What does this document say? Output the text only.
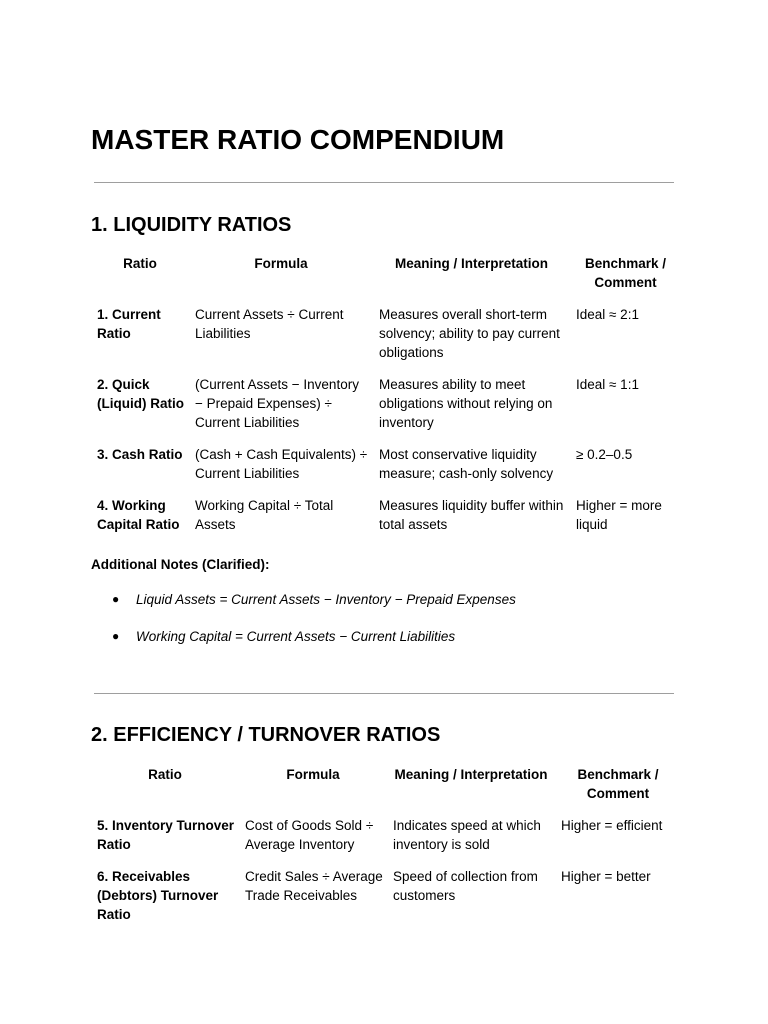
MASTER RATIO COMPENDIUM
1. LIQUIDITY RATIOS
Ratio	Formula	Meaning / Interpretation	Benchmark / Comment
1. Current Ratio	Current Assets ÷ Current Liabilities	Measures overall short-term solvency; ability to pay current obligations	Ideal ≈ 2:1
2. Quick (Liquid) Ratio	(Current Assets − Inventory − Prepaid Expenses) ÷ Current Liabilities	Measures ability to meet obligations without relying on inventory	Ideal ≈ 1:1
3. Cash Ratio	(Cash + Cash Equivalents) ÷ Current Liabilities	Most conservative liquidity measure; cash-only solvency	≥ 0.2–0.5
4. Working Capital Ratio	Working Capital ÷ Total Assets	Measures liquidity buffer within total assets	Higher = more liquid

Additional Notes (Clarified):

● Liquid Assets = Current Assets − Inventory − Prepaid Expenses
● Working Capital = Current Assets − Current Liabilities
2. EFFICIENCY / TURNOVER RATIOS
Ratio	Formula	Meaning / Interpretation	Benchmark / Comment
5. Inventory Turnover Ratio	Cost of Goods Sold ÷ Average Inventory	Indicates speed at which inventory is sold	Higher = efficient
6. Receivables (Debtors) Turnover Ratio	Credit Sales ÷ Average Trade Receivables	Speed of collection from customers	Higher = better
